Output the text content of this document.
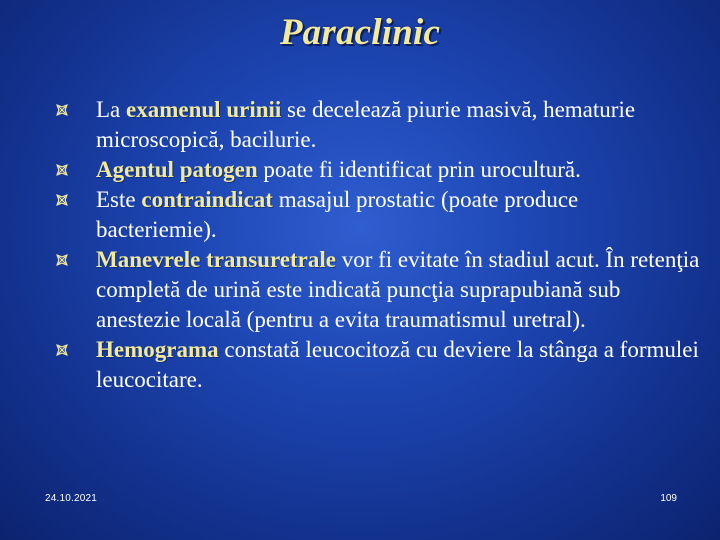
Paraclinic
La examenul urinii se decelează piurie masivă, hematurie microscopică, bacilurie.
Agentul patogen poate fi identificat prin urocultură.
Este contraindicat masajul prostatic (poate produce bacteriemie).
Manevrele transuretrale vor fi evitate în stadiul acut. În retenţia completă de urină este indicată puncţia suprapubiană sub anestezie locală (pentru a evita traumatismul uretral).
Hemograma constată leucocitoză cu deviere la stânga a formulei leucocitare.
24.10.2021	109
